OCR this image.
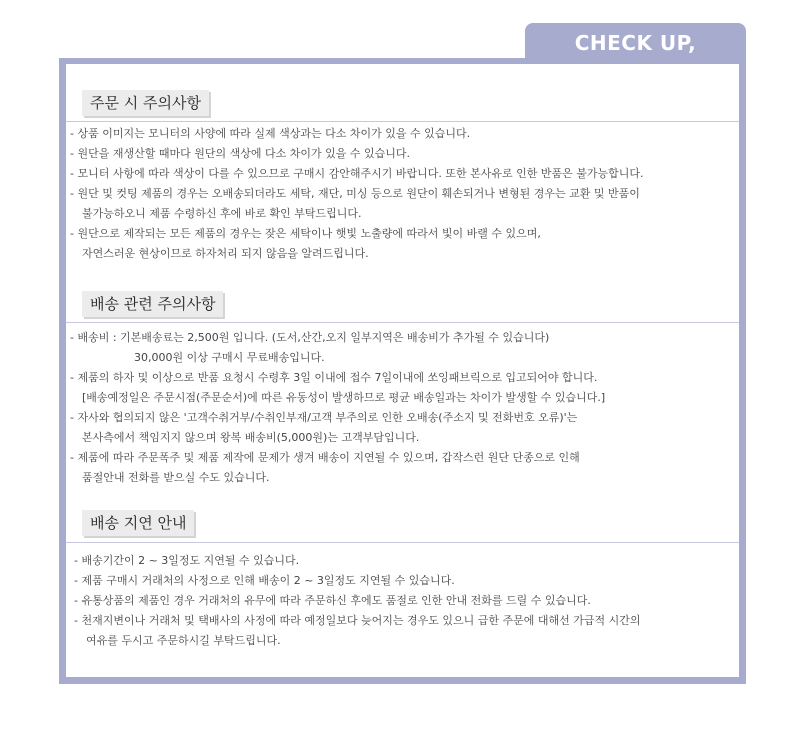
CHECK UP,
주문 시 주의사항
- 상품 이미지는 모니터의 사양에 따라 실제 색상과는 다소 차이가 있을 수 있습니다.
- 원단을 재생산할 때마다 원단의 색상에 다소 차이가 있을 수 있습니다.
- 모니터 사항에 따라 색상이 다를 수 있으므로 구매시 감안해주시기 바랍니다. 또한 본사유로 인한 반품은 불가능합니다.
- 원단 및 컷팅 제품의 경우는 오배송되더라도 세탁, 재단, 미싱 등으로 원단이 훼손되거나 변형된 경우는 교환 및 반품이
불가능하오니 제품 수령하신 후에 바로 확인 부탁드립니다.
- 원단으로 제작되는 모든 제품의 경우는 잦은 세탁이나 햇빛 노출량에 따라서 빛이 바랠 수 있으며,
자연스러운 현상이므로 하자처리 되지 않음을 알려드립니다.
배송 관련 주의사항
- 배송비 : 기본배송료는 2,500원 입니다. (도서,산간,오지 일부지역은 배송비가 추가될 수 있습니다)
30,000원 이상 구매시 무료배송입니다.
- 제품의 하자 및 이상으로 반품 요청시 수령후 3일 이내에 접수 7일이내에 쏘잉패브릭으로 입고되어야 합니다.
[배송예정일은 주문시점(주문순서)에 따른 유동성이 발생하므로 평균 배송일과는 차이가 발생할 수 있습니다.]
- 자사와 협의되지 않은 '고객수취거부/수취인부재/고객 부주의로 인한 오배송(주소지 및 전화번호 오류)'는
본사측에서 책임지지 않으며 왕복 배송비(5,000원)는 고객부담입니다.
- 제품에 따라 주문폭주 및 제품 제작에 문제가 생겨 배송이 지연될 수 있으며, 갑작스런 원단 단종으로 인해
품절안내 전화를 받으실 수도 있습니다.
배송 지연 안내
- 배송기간이 2 ~ 3일정도 지연될 수 있습니다.
- 제품 구매시 거래처의 사정으로 인해 배송이 2 ~ 3일정도 지연될 수 있습니다.
- 유통상품의 제품인 경우 거래처의 유무에 따라 주문하신 후에도 품절로 인한 안내 전화를 드릴 수 있습니다.
- 천재지변이나 거래처 및 택배사의 사정에 따라 예정일보다 늦어지는 경우도 있으니 급한 주문에 대해선 가급적 시간의
여유를 두시고 주문하시길 부탁드립니다.
